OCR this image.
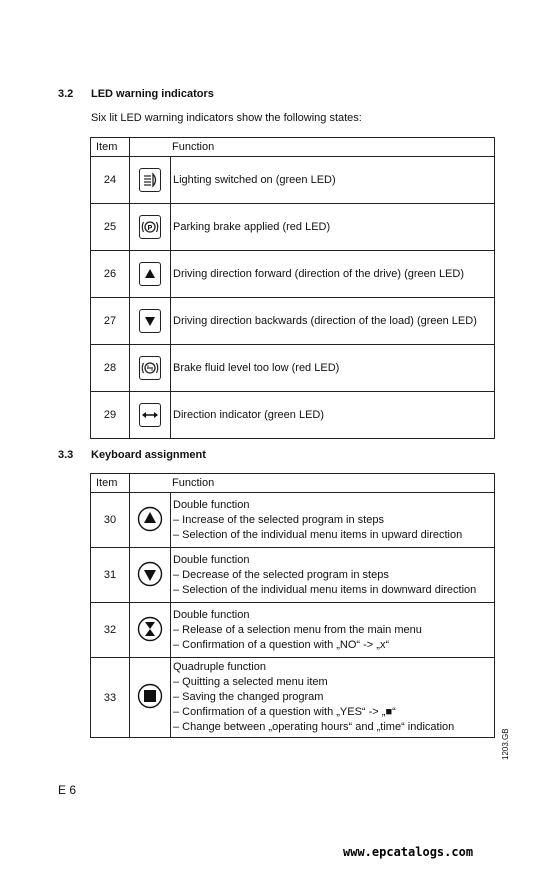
3.2 LED warning indicators
Six lit LED warning indicators show the following states:
Item	Function	
24		Lighting switched on (green LED)
25	P	Parking brake applied (red LED)
26		Driving direction forward (direction of the drive) (green LED)
27		Driving direction backwards (direction of the load) (green LED)
28		Brake fluid level too low (red LED)
29		Direction indicator (green LED)
3.3 Keyboard assignment
Item	Function	
30		Double function
– Increase of the selected program in steps
– Selection of the individual menu items in upward direction

31		Double function
– Decrease of the selected program in steps
– Selection of the individual menu items in downward direction

32		Double function
– Release of a selection menu from the main menu
– Confirmation of a question with „NO“ -> „x“

33		Quadruple function
– Quitting a selected menu item
– Saving the changed program
– Confirmation of a question with „YES“ -> „■“
– Change between „operating hours“ and „time“ indication
1203.GB
E 6
www.epcatalogs.com
